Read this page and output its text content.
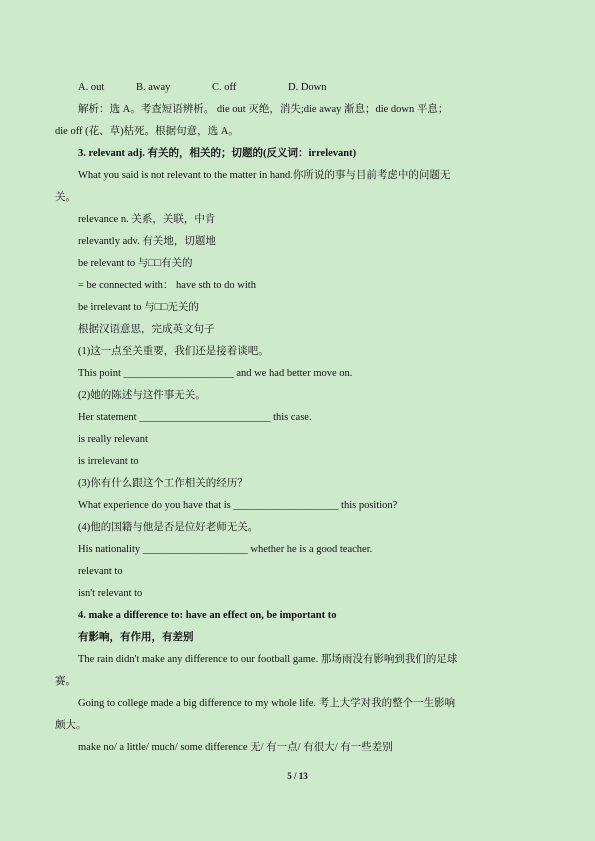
A. out	B. away	C. off	D. Down
解析：选 A。考查短语辨析。 die out 灭绝，消失;die away 渐息；die down 平息；
die off (花、草)枯死。根据句意，选 A。
3. relevant adj. 有关的，相关的；切题的(反义词：irrelevant)
What you said is not relevant to the matter in hand.你所说的事与目前考虑中的问题无
关。
relevance n. 关系，关联，中肯
relevantly adv. 有关地，切题地
be relevant to 与□□有关的
= be connected with： have sth to do with
be irrelevant to 与□□无关的
根据汉语意思，完成英文句子
(1)这一点至关重要，我们还是接着谈吧。
This point _____________________ and we had better move on.
(2)她的陈述与这件事无关。
Her statement _________________________ this case.
is really relevant
is irrelevant to
(3)你有什么跟这个工作相关的经历？
What experience do you have that is ____________________ this position?
(4)他的国籍与他是否是位好老师无关。
His nationality ____________________ whether he is a good teacher.
relevant to
isn't relevant to
4. make a difference to: have an effect on, be important to
有影响，有作用，有差别
The rain didn't make any difference to our football game. 那场雨没有影响到我们的足球
赛。
Going to college made a big difference to my whole life. 考上大学对我的整个一生影响
颇大。
make no/ a little/ much/ some difference 无/ 有一点/ 有很大/ 有一些差别
5 / 13
